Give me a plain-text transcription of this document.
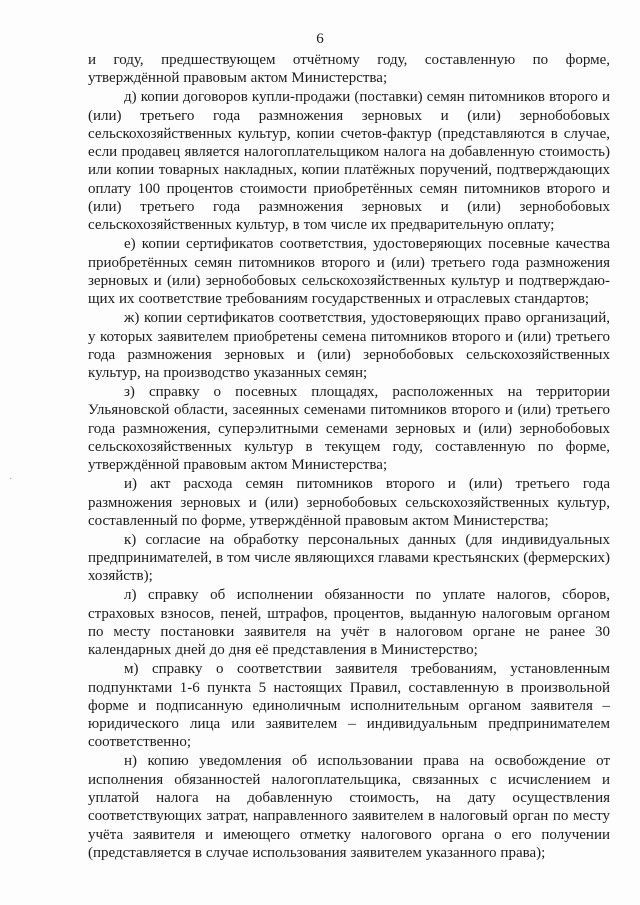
6
·

и году, предшествующем отчётному году, составленную по форме, утверждённой правовым актом Министерства;

д) копии договоров купли-продажи (поставки) семян питомников второго и (или) третьего года размножения зерновых и (или) зернобобовых сельскохозяйственных культур, копии счетов-фактур (представляются в случае, если продавец является налогоплательщиком налога на добавленную стоимость) или копии товарных накладных, копии платёжных поручений, подтверждающих оплату 100 процентов стоимости приобретённых семян питомников второго и (или) третьего года размножения зерновых и (или) зернобобовых сельскохозяйственных культур, в том числе их предварительную оплату;

е) копии сертификатов соответствия, удостоверяющих посевные качества приобретённых семян питомников второго и (или) третьего года размножения зерновых и (или) зернобобовых сельскохозяйственных культур и подтверждающих их соответствие требованиям государственных и отраслевых стандартов;

ж) копии сертификатов соответствия, удостоверяющих право организаций, у которых заявителем приобретены семена питомников второго и (или) третьего года размножения зерновых и (или) зернобобовых сельскохозяйственных культур, на производство указанных семян;

з) справку о посевных площадях, расположенных на территории Ульяновской области, засеянных семенами питомников второго и (или) третьего года размножения, суперэлитными семенами зерновых и (или) зернобобовых сельскохозяйственных культур в текущем году, составленную по форме, утверждённой правовым актом Министерства;

и) акт расхода семян питомников второго и (или) третьего года размножения зерновых и (или) зернобобовых сельскохозяйственных культур, составленный по форме, утверждённой правовым актом Министерства;

к) согласие на обработку персональных данных (для индивидуальных предпринимателей, в том числе являющихся главами крестьянских (фермерских) хозяйств);

л) справку об исполнении обязанности по уплате налогов, сборов, страховых взносов, пеней, штрафов, процентов, выданную налоговым органом по месту постановки заявителя на учёт в налоговом органе не ранее 30 календарных дней до дня её представления в Министерство;

м) справку о соответствии заявителя требованиям, установленным подпунктами 1-6 пункта 5 настоящих Правил, составленную в произвольной форме и подписанную единоличным исполнительным органом заявителя – юридического лица или заявителем – индивидуальным предпринимателем соответственно;

н) копию уведомления об использовании права на освобождение от исполнения обязанностей налогоплательщика, связанных с исчислением и уплатой налога на добавленную стоимость, на дату осуществления соответствующих затрат, направленного заявителем в налоговый орган по месту учёта заявителя и имеющего отметку налогового органа о его получении (представляется в случае использования заявителем указанного права);
